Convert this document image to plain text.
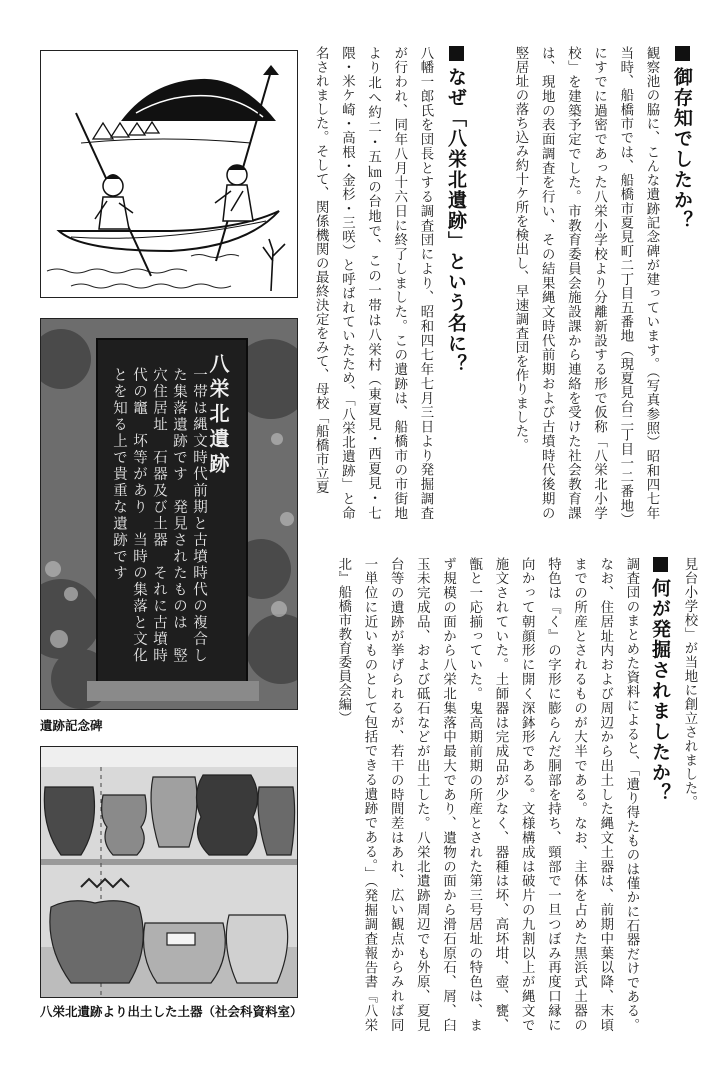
御存知でしたか？
観察池の脇に、こんな遺跡記念碑が建っています。（写真参照）昭和四七年当時、船橋市では、船橋市夏見町二丁目五番地（現夏見台二丁目一二番地）にすでに過密であった八栄小学校より分離新設する形で仮称「八栄北小学校」を建築予定でした。市教育委員会施設課から連絡を受けた社会教育課は、現地の表面調査を行い、その結果縄文時代前期および古墳時代後期の竪居址の落ち込み約十ケ所を検出し、早速調査団を作りました。
なぜ「八栄北遺跡」という名に？
八幡一郎氏を団長とする調査団により、昭和四七年七月三日より発掘調査が行われ、同年八月十六日に終了しました。この遺跡は、船橋市の市街地より北へ約二・五㎞の台地で、この一帯は八栄村（東夏見・西夏見・七隈・米ケ崎・高根・金杉・三咲）と呼ばれていたため、「八栄北遺跡」と命名されました。そして、関係機関の最終決定をみて、母校「船橋市立夏
見台小学校」が当地に創立されました。
何が発掘されましたか？
調査団のまとめた資料によると、「遺り得たものは僅かに石器だけである。なお、住居址内および周辺から出土した縄文土器は、前期中葉以降、末頃までの所産とされるものが大半である。なお、主体を占めた黒浜式土器の特色は『く』の字形に膨らんだ胴部を持ち、頸部で一旦つぼみ再度口縁に向かって朝顔形に開く深鉢形である。文様構成は破片の九割以上が縄文で施文されていた。土師器は完成品が少なく、器種は坏、高坏坩、壺、甕、甑と一応揃っていた。鬼高期前期の所産とされた第三号居址の特色は、まず規模の面から八栄北集落中最大であり、遺物の面から滑石原石、屑、臼玉未完成品、および砥石などが出土した。八栄北遺跡周辺でも外原、夏見台等の遺跡が挙げられるが、若干の時間差はあれ、広い観点からみれば同一単位に近いものとして包括できる遺跡である。」（発掘調査報告書『八栄北』船橋市教育委員会編）
八栄北遺跡
一帯は縄文時代前期と古墳時代の複合した集落遺跡です　発見されたものは　竪穴住居址　石器及び土器　それに古墳時代の竈　坏等があり　当時の集落と文化とを知る上で貴重な遺跡です
遺跡記念碑
八栄北遺跡より出土した土器（社会科資料室）
